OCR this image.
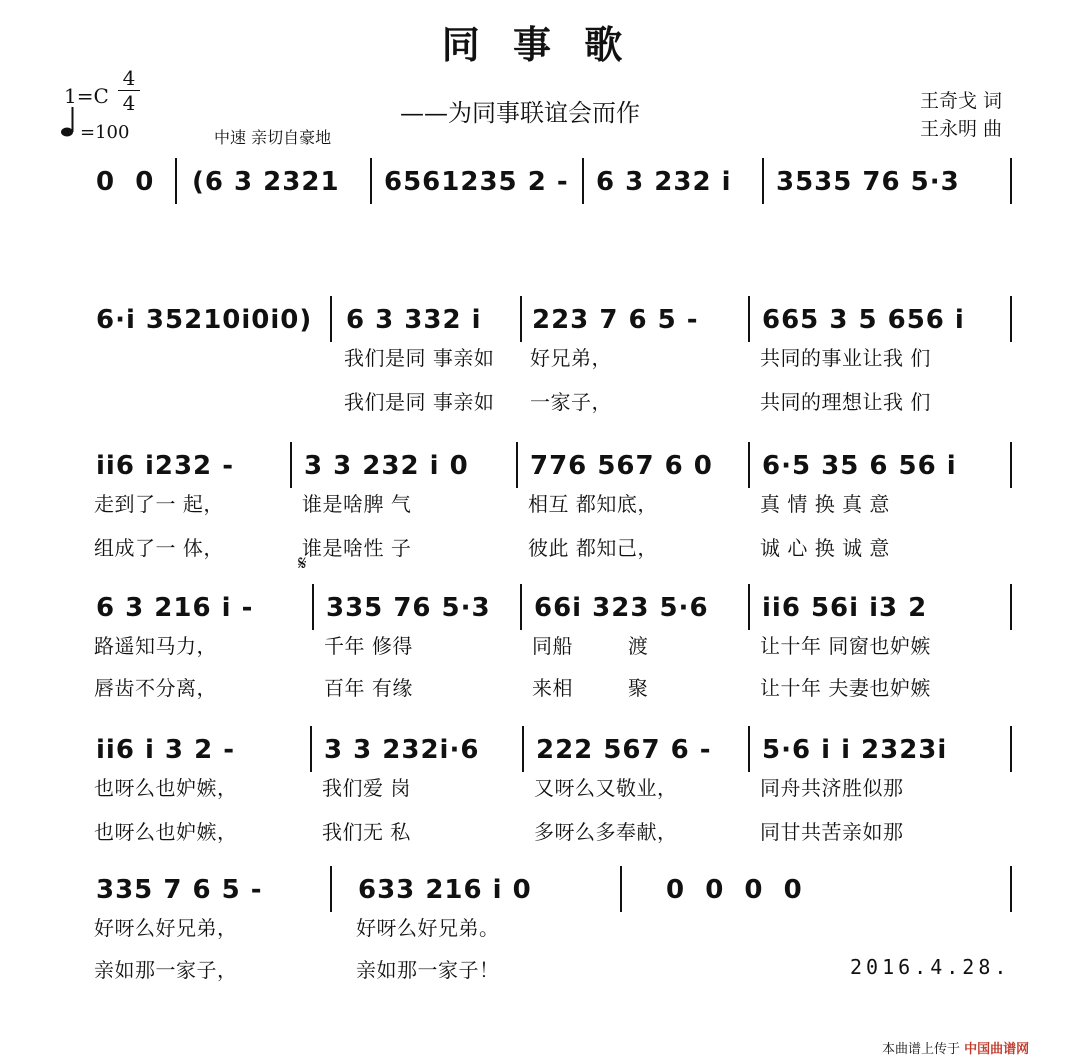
同 事 歌
——为同事联谊会而作	王奇戈 词
王永明 曲
1=C
4
4
=100	中速 亲切自豪地
0  0	(6 3 2321	6561235 2 -	6 3 232 i	3535 76 5·3
6·i 35210i0i0)	6 3 332 i	223 7 6 5 -	665 3 5 656 i
我们是同 事亲如	好兄弟，	共同的事业让我 们
我们是同 事亲如	一家子，	共同的理想让我 们
ii6 i232 -	3 3 232 i 0	776 567 6 0	6·5 35 6 56 i
走到了一 起，	谁是啥脾 气	相互 都知底，	真 情 换 真 意
组成了一 体，	谁是啥性 子	彼此 都知己，	诚 心 换 诚 意
6 3 216 i -	335 76 5·3	66i 323 5·6	ii6 56i i3 2
路遥知马力，	千年 修得	同船        渡	让十年 同窗也妒嫉
唇齿不分离，	百年 有缘	来相        聚	让十年 夫妻也妒嫉
ii6 i 3 2 -	3 3 232i·6	222 567 6 -	5·6 i i 2323i
也呀么也妒嫉，	我们爱 岗	又呀么又敬业，	同舟共济胜似那
也呀么也妒嫉，	我们无 私	多呀么多奉献，	同甘共苦亲如那
335 7 6 5 -	633 216 i 0	0  0  0  0
好呀么好兄弟，	好呀么好兄弟。
亲如那一家子，	亲如那一家子！
𝄋
2016.4.28.
本曲谱上传于 中国曲谱网
